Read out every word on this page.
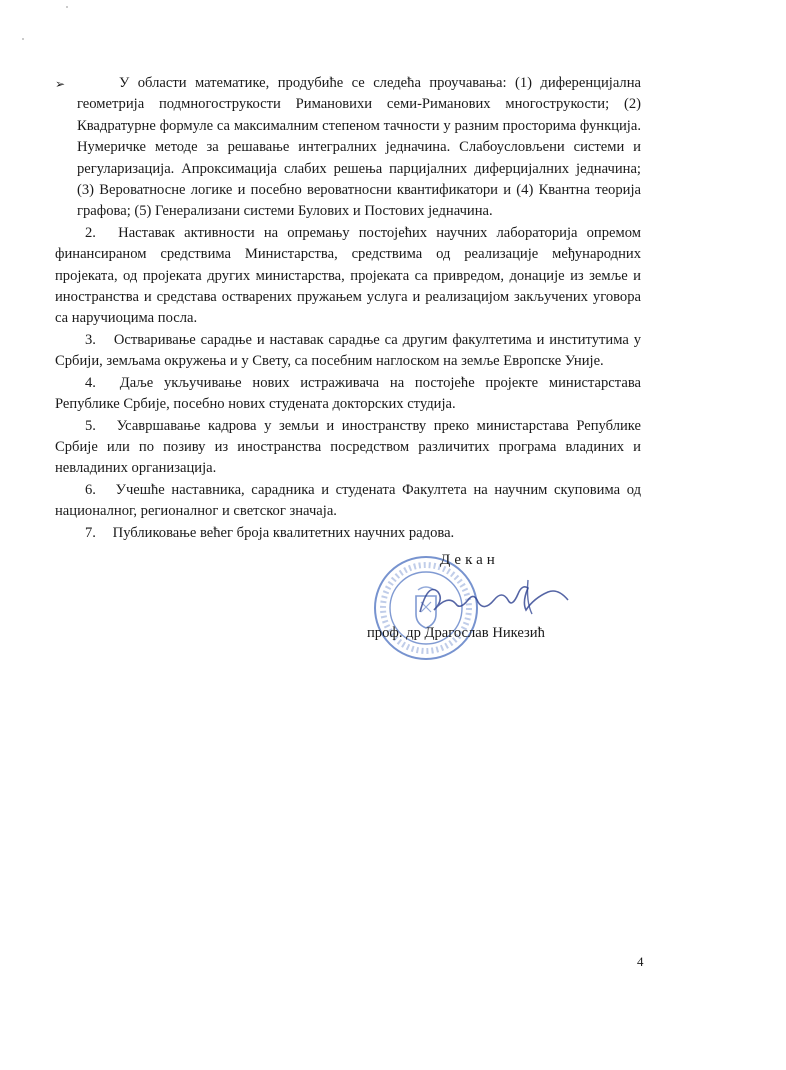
➢	У области математике, продубиће се следећа проучавања: (1) диференцијална геометрија подмногострукости Римановихи семи-Риманових многострукости; (2) Квадратурне формуле са максималним степеном тачности у разним просторима функција. Нумеричке методе за решавање интегралних једначина. Слабоусловљени системи и регуларизација. Апроксимација слабих решења парцијалних диферцијалних једначина; (3) Вероватносне логике и посебно вероватносни квантификатори и (4) Квантна теорија графова; (5) Генерализани системи Булових и Постових једначина.

2. Наставак активности на опремању постојећих научних лабораторија опремом финансираном средствима Министарства, средствима од реализације међународних пројеката, од пројеката других министарства, пројеката са привредом, донације из земље и иностранства и средстава остварених пружањем услуга и реализацијом закључених уговора са наручиоцима посла.

3. Остваривање сарадње и наставак сарадње са другим факултетима и институтима у Србији, земљама окружења и у Свету, са посебним наглоском на земље Европске Уније.

4. Даље укључивање нових истраживача на постојеће пројекте министарстава Републике Србије, посебно нових студената докторских студија.

5. Усавршавање кадрова у земљи и иностранству преко министарстава Републике Србије или по позиву из иностранства посредством различитих програма владиних и невладиних организација.

6. Учешће наставника, сарадника и студената Факултета на научним скуповима од националног, регионалног и светског значаја.

7. Публиковање већег броја квалитетних научних радова.

Декан
проф. др Драгослав Никезић
4
